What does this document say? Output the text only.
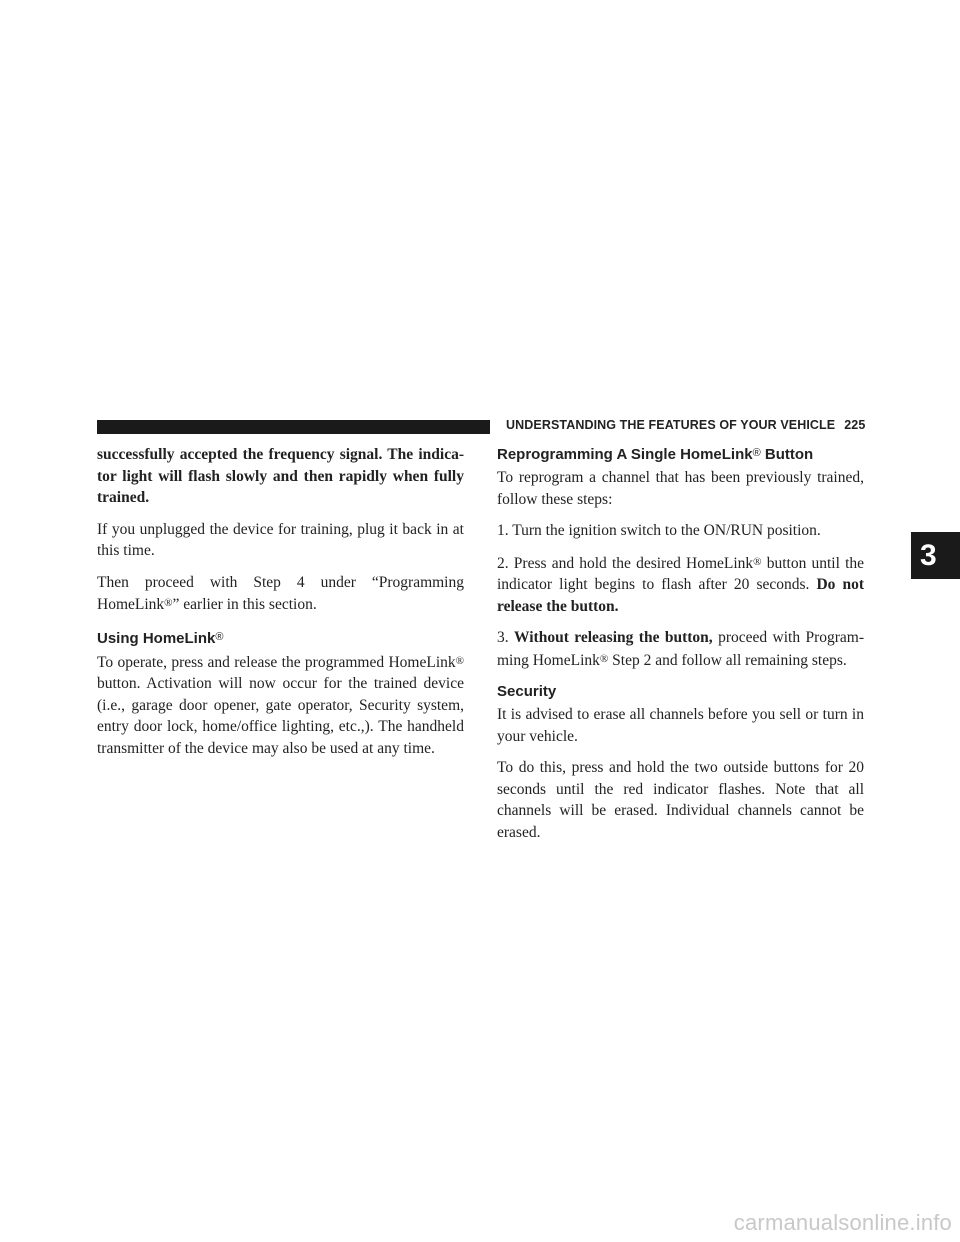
UNDERSTANDING THE FEATURES OF YOUR VEHICLE 225
3

successfully accepted the frequency signal. The indica- tor light will flash slowly and then rapidly when fully trained.

If you unplugged the device for training, plug it back in at this time.

Then proceed with Step 4 under “Programming HomeLink®” earlier in this section.

Using HomeLink®

To operate, press and release the programmed HomeLink® button. Activation will now occur for the trained device (i.e., garage door opener, gate operator, Security system, entry door lock, home/office lighting, etc.,). The handheld transmitter of the device may also be used at any time.

Reprogramming A Single HomeLink® Button

To reprogram a channel that has been previously trained, follow these steps:

1. Turn the ignition switch to the ON/RUN position.

2. Press and hold the desired HomeLink® button until the indicator light begins to flash after 20 seconds. Do not release the button.

3. Without releasing the button, proceed with Program- ming HomeLink® Step 2 and follow all remaining steps.

Security

It is advised to erase all channels before you sell or turn in your vehicle.

To do this, press and hold the two outside buttons for 20 seconds until the red indicator flashes. Note that all channels will be erased. Individual channels cannot be erased.

carmanualsonline.info
